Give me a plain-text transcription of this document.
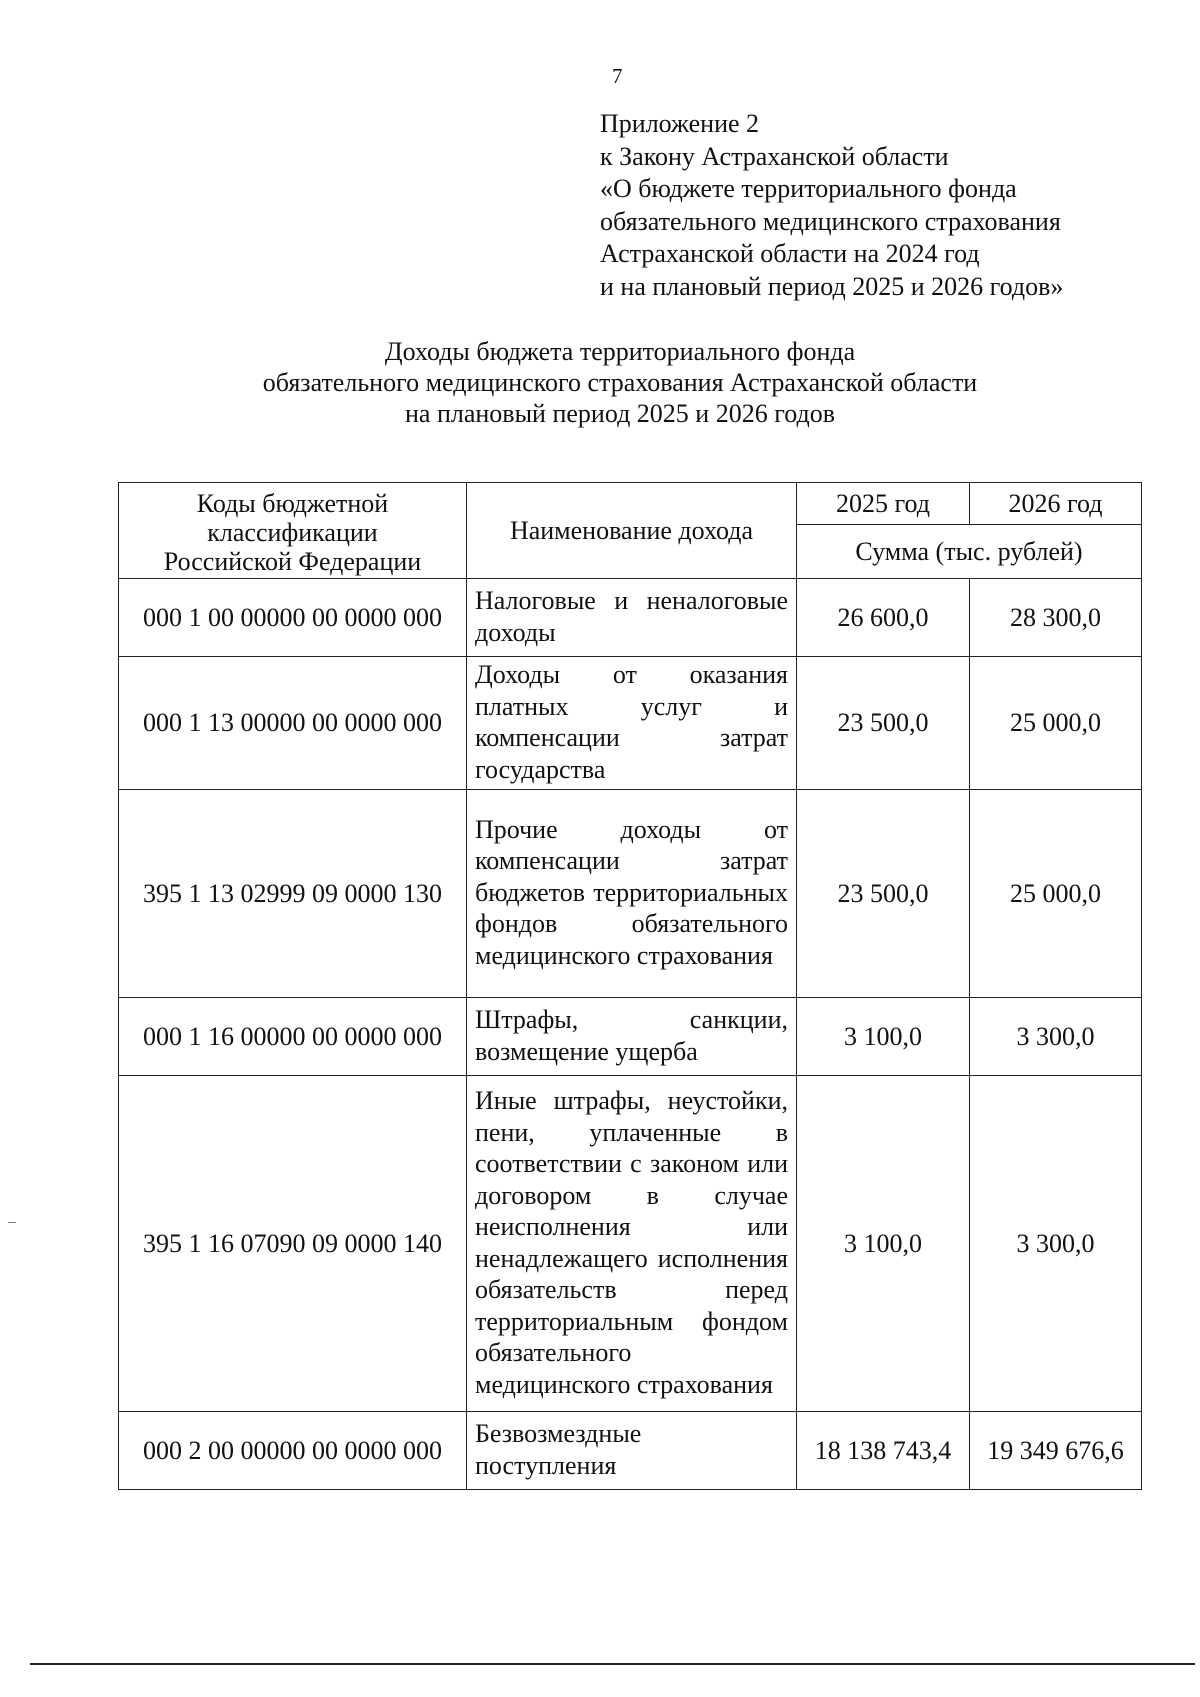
7
Приложение 2
к Закону Астраханской области
«О бюджете территориального фонда
обязательного медицинского страхования
Астраханской области на 2024 год
и на плановый период 2025 и 2026 годов»
Доходы бюджета территориального фонда
обязательного медицинского страхования Астраханской области
на плановый период 2025 и 2026 годов
Коды бюджетной
классификации
Российской Федерации	Наименование дохода	2025 год	2026 год
		Сумма (тыс. рублей)	
000 1 00 00000 00 0000 000	Налоговые и неналоговые доходы	26 600,0	28 300,0
000 1 13 00000 00 0000 000	Доходы от оказания платных услуг и компенсации затрат государства	23 500,0	25 000,0
395 1 13 02999 09 0000 130	Прочие доходы от компенсации затрат бюджетов территориальных фондов обязательного медицинского страхования	23 500,0	25 000,0
000 1 16 00000 00 0000 000	Штрафы, санкции, возмещение ущерба	3 100,0	3 300,0
395 1 16 07090 09 0000 140	Иные штрафы, неустойки, пени, уплаченные в соответствии с законом или договором в случае неисполнения или ненадлежащего исполнения обязательств перед территориальным фондом обязательного медицинского страхования	3 100,0	3 300,0
000 2 00 00000 00 0000 000	Безвозмездные поступления	18 138 743,4	19 349 676,6
